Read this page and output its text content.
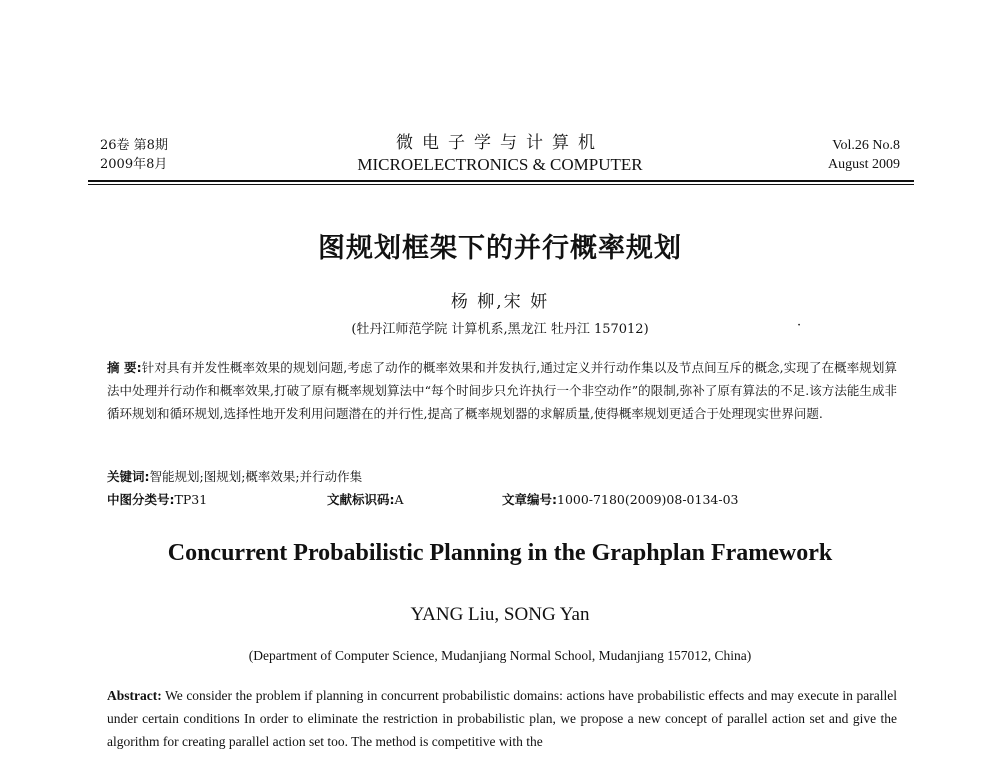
26卷 第8期
2009年8月
微电子学与计算机
MICROELECTRONICS & COMPUTER
Vol.26 No.8
August 2009
图规划框架下的并行概率规划
杨 柳,宋 妍
(牡丹江师范学院 计算机系,黑龙江 牡丹江 157012)	·
摘 要:针对具有并发性概率效果的规划问题,考虑了动作的概率效果和并发执行,通过定义并行动作集以及节点间互斥的概念,实现了在概率规划算法中处理并行动作和概率效果,打破了原有概率规划算法中“每个时间步只允许执行一个非空动作”的限制,弥补了原有算法的不足.该方法能生成非循环规划和循环规划,选择性地开发利用问题潜在的并行性,提高了概率规划器的求解质量,使得概率规划更适合于处理现实世界问题.
关键词:智能规划;图规划;概率效果;并行动作集
中图分类号:TP31	文献标识码:A	文章编号:1000-7180(2009)08-0134-03
Concurrent Probabilistic Planning in the Graphplan Framework
YANG Liu, SONG Yan
(Department of Computer Science, Mudanjiang Normal School, Mudanjiang 157012, China)
Abstract: We consider the problem if planning in concurrent probabilistic domains: actions have probabilistic effects and may execute in parallel under certain conditions In order to eliminate the restriction in probabilistic plan, we propose a new concept of parallel action set and give the algorithm for creating parallel action set too. The method is competitive with the
